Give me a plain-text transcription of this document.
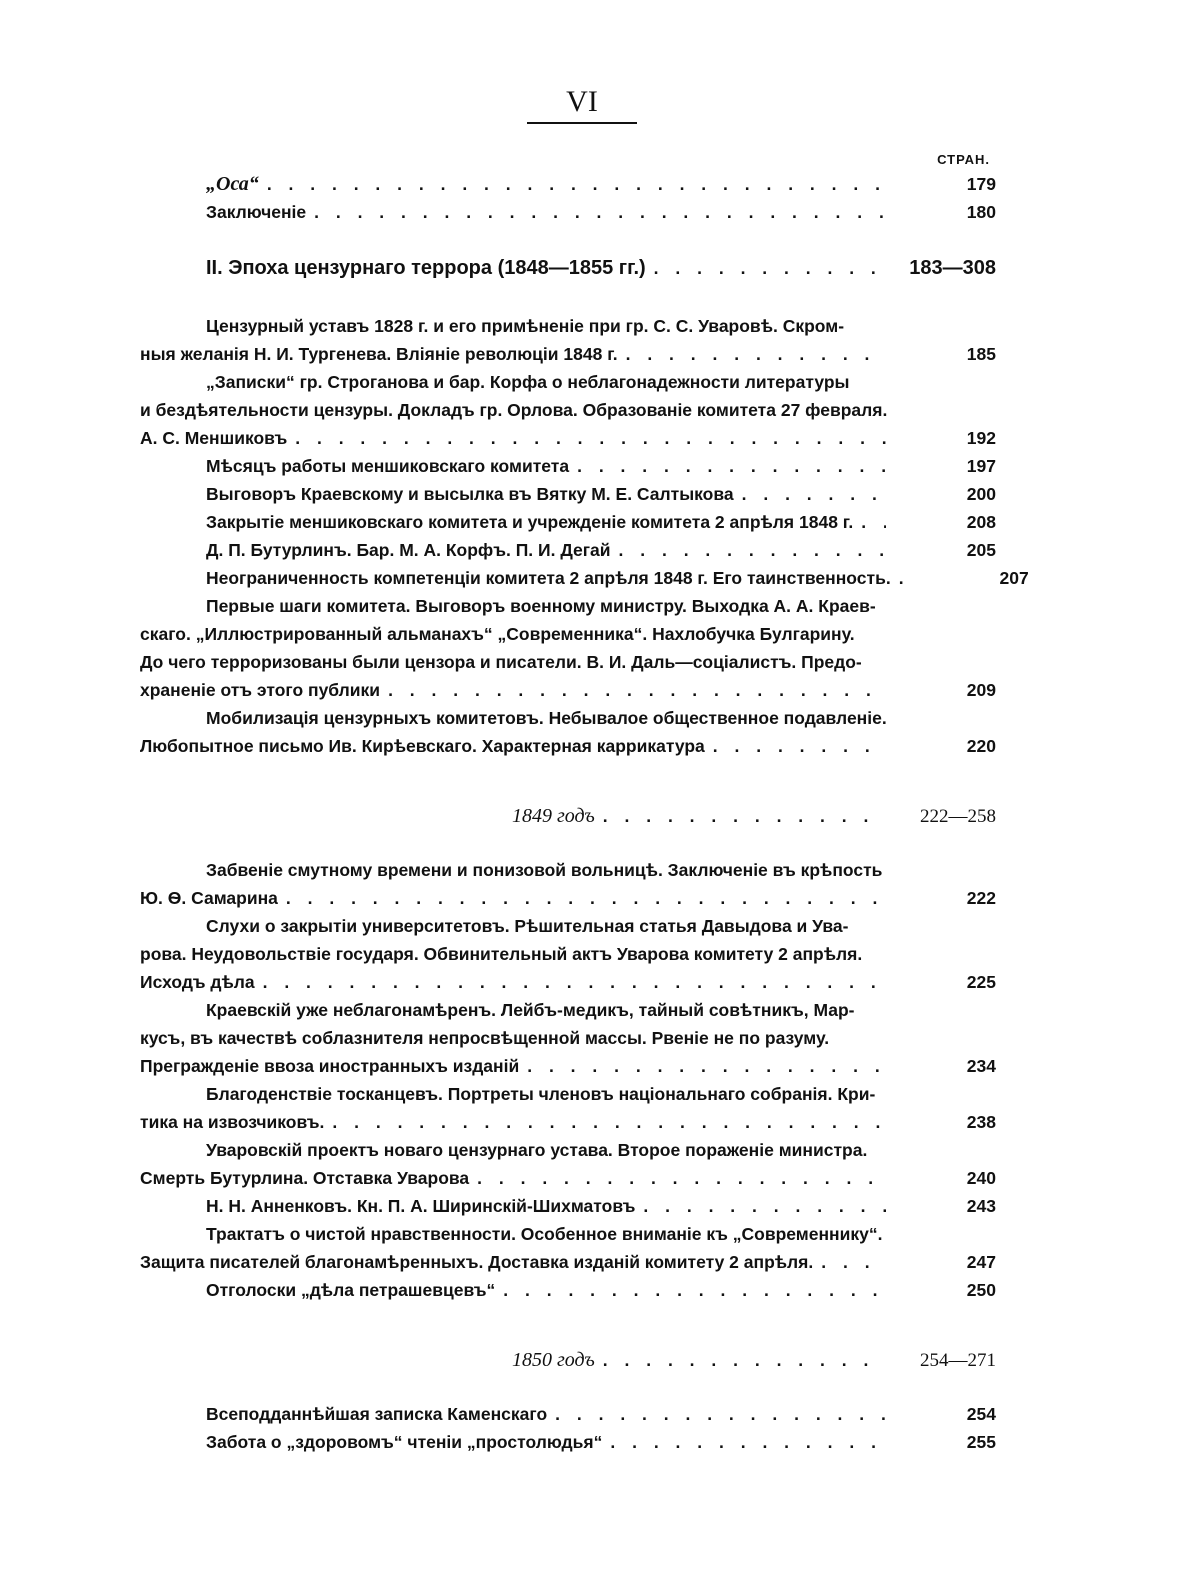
VI
СТРАН.
„Оса“ . . .	179
Заключеніе . . .	180
II. Эпоха цензурнаго террора (1848—1855 гг.) . . .	183—308
Цензурный уставъ 1828 г. и его примѣненіе при гр. С. С. Уваровѣ. Скром-
ныя желанія Н. И. Тургенева. Вліяніе революціи 1848 г. . . .	185
„Записки“ гр. Строганова и бар. Корфа о неблагонадежности литературы
и бездѣятельности цензуры. Докладъ гр. Орлова. Образованіе комитета 27 февраля.
А. С. Меншиковъ . . .	192
Мѣсяцъ работы меншиковскаго комитета . . .	197
Выговоръ Краевскому и высылка въ Вятку М. Е. Салтыкова . . .	200
Закрытіе меншиковскаго комитета и учрежденіе комитета 2 апрѣля 1848 г. . . .	208
Д. П. Бутурлинъ. Бар. М. А. Корфъ. П. И. Дегай . . .	205
Неограниченность компетенціи комитета 2 апрѣля 1848 г. Его таинственность. . . .	207
Первые шаги комитета. Выговоръ военному министру. Выходка А. А. Краев-
скаго. „Иллюстрированный альманахъ“ „Современника“. Нахлобучка Булгарину.
До чего терроризованы были цензора и писатели. В. И. Даль—соціалистъ. Предо-
храненіе отъ этого публики . . .	209
Мобилизація цензурныхъ комитетовъ. Небывалое общественное подавленіе.
Любопытное письмо Ив. Кирѣевскаго. Характерная каррикатура . . .	220
1849 годъ . . .	222—258
Забвеніе смутному времени и понизовой вольницѣ. Заключеніе въ крѣпость
Ю. Ѳ. Самарина . . .	222
Слухи о закрытіи университетовъ. Рѣшительная статья Давыдова и Ува-
рова. Неудовольствіе государя. Обвинительный актъ Уварова комитету 2 апрѣля.
Исходъ дѣла . . .	225
Краевскій уже неблагонамѣренъ. Лейбъ-медикъ, тайный совѣтникъ, Мар-
кусъ, въ качествѣ соблазнителя непросвѣщенной массы. Рвеніе не по разуму.
Прегражденіе ввоза иностранныхъ изданій . . .	234
Благоденствіе тосканцевъ. Портреты членовъ національнаго собранія. Кри-
тика на извозчиковъ. . . .	238
Уваровскій проектъ новаго цензурнаго устава. Второе пораженіе министра.
Смерть Бутурлина. Отставка Уварова . . .	240
Н. Н. Анненковъ. Кн. П. А. Ширинскій-Шихматовъ . . .	243
Трактатъ о чистой нравственности. Особенное вниманіе къ „Современнику“.
Защита писателей благонамѣренныхъ. Доставка изданій комитету 2 апрѣля. . . .	247
Отголоски „дѣла петрашевцевъ“ . . .	250
1850 годъ . . .	254—271
Всеподданнѣйшая записка Каменскаго . . .	254
Забота о „здоровомъ“ чтеніи „простолюдья“ . . .	255
